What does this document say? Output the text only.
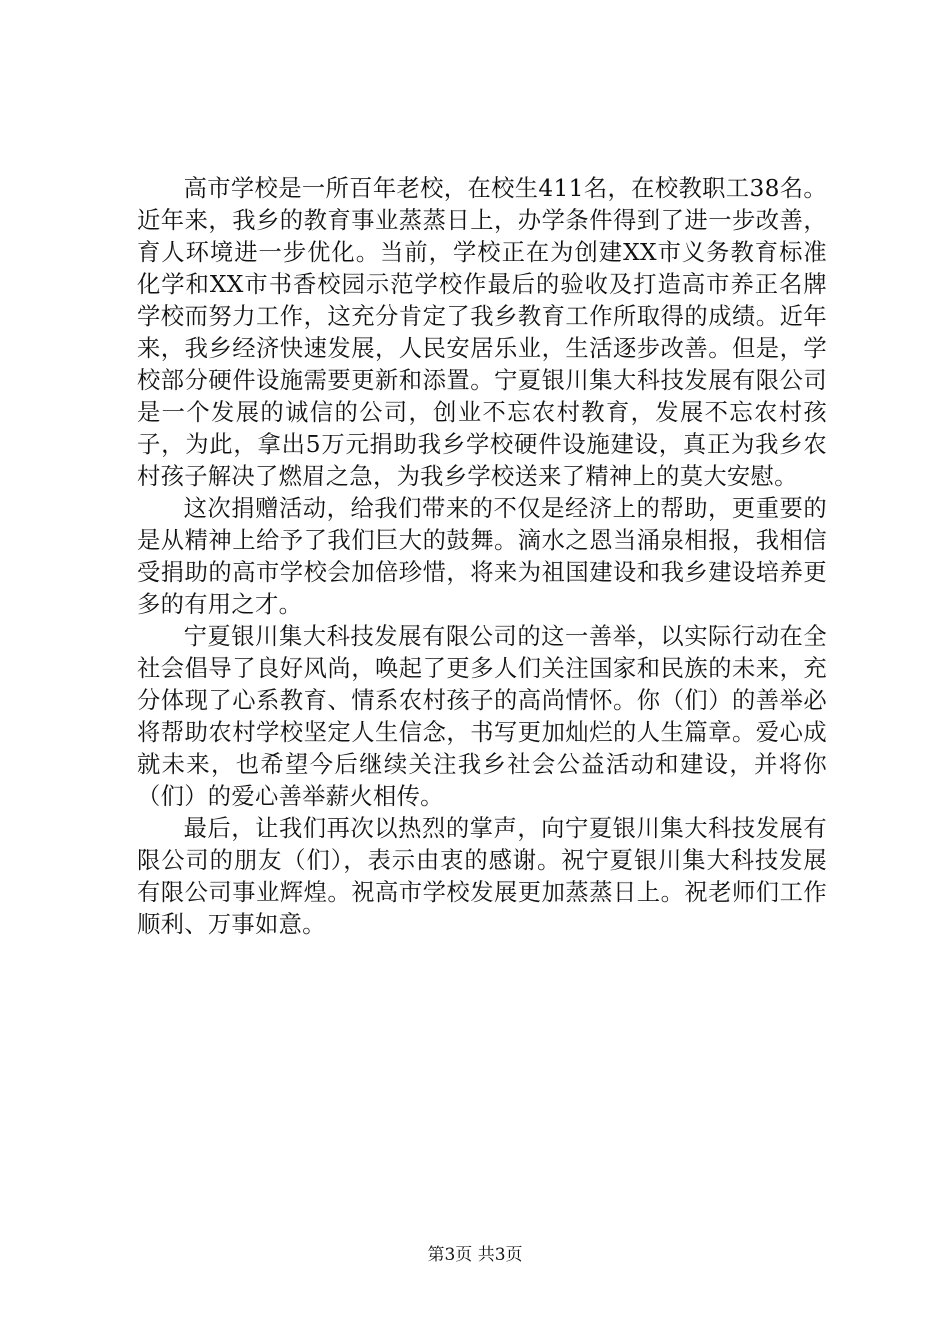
高市学校是一所百年老校，在校生411名，在校教职工38名。近年来，我乡的教育事业蒸蒸日上，办学条件得到了进一步改善，育人环境进一步优化。当前，学校正在为创建XX市义务教育标准化学和XX市书香校园示范学校作最后的验收及打造高市养正名牌学校而努力工作，这充分肯定了我乡教育工作所取得的成绩。近年来，我乡经济快速发展，人民安居乐业，生活逐步改善。但是，学校部分硬件设施需要更新和添置。宁夏银川集大科技发展有限公司是一个发展的诚信的公司，创业不忘农村教育，发展不忘农村孩子，为此，拿出5万元捐助我乡学校硬件设施建设，真正为我乡农村孩子解决了燃眉之急，为我乡学校送来了精神上的莫大安慰。

这次捐赠活动，给我们带来的不仅是经济上的帮助，更重要的是从精神上给予了我们巨大的鼓舞。滴水之恩当涌泉相报，我相信受捐助的高市学校会加倍珍惜，将来为祖国建设和我乡建设培养更多的有用之才。

宁夏银川集大科技发展有限公司的这一善举，以实际行动在全社会倡导了良好风尚，唤起了更多人们关注国家和民族的未来，充分体现了心系教育、情系农村孩子的高尚情怀。你（们）的善举必将帮助农村学校坚定人生信念，书写更加灿烂的人生篇章。爱心成就未来，也希望今后继续关注我乡社会公益活动和建设，并将你（们）的爱心善举薪火相传。

最后，让我们再次以热烈的掌声，向宁夏银川集大科技发展有限公司的朋友（们），表示由衷的感谢。祝宁夏银川集大科技发展有限公司事业辉煌。祝高市学校发展更加蒸蒸日上。祝老师们工作顺利、万事如意。

第3页 共3页
